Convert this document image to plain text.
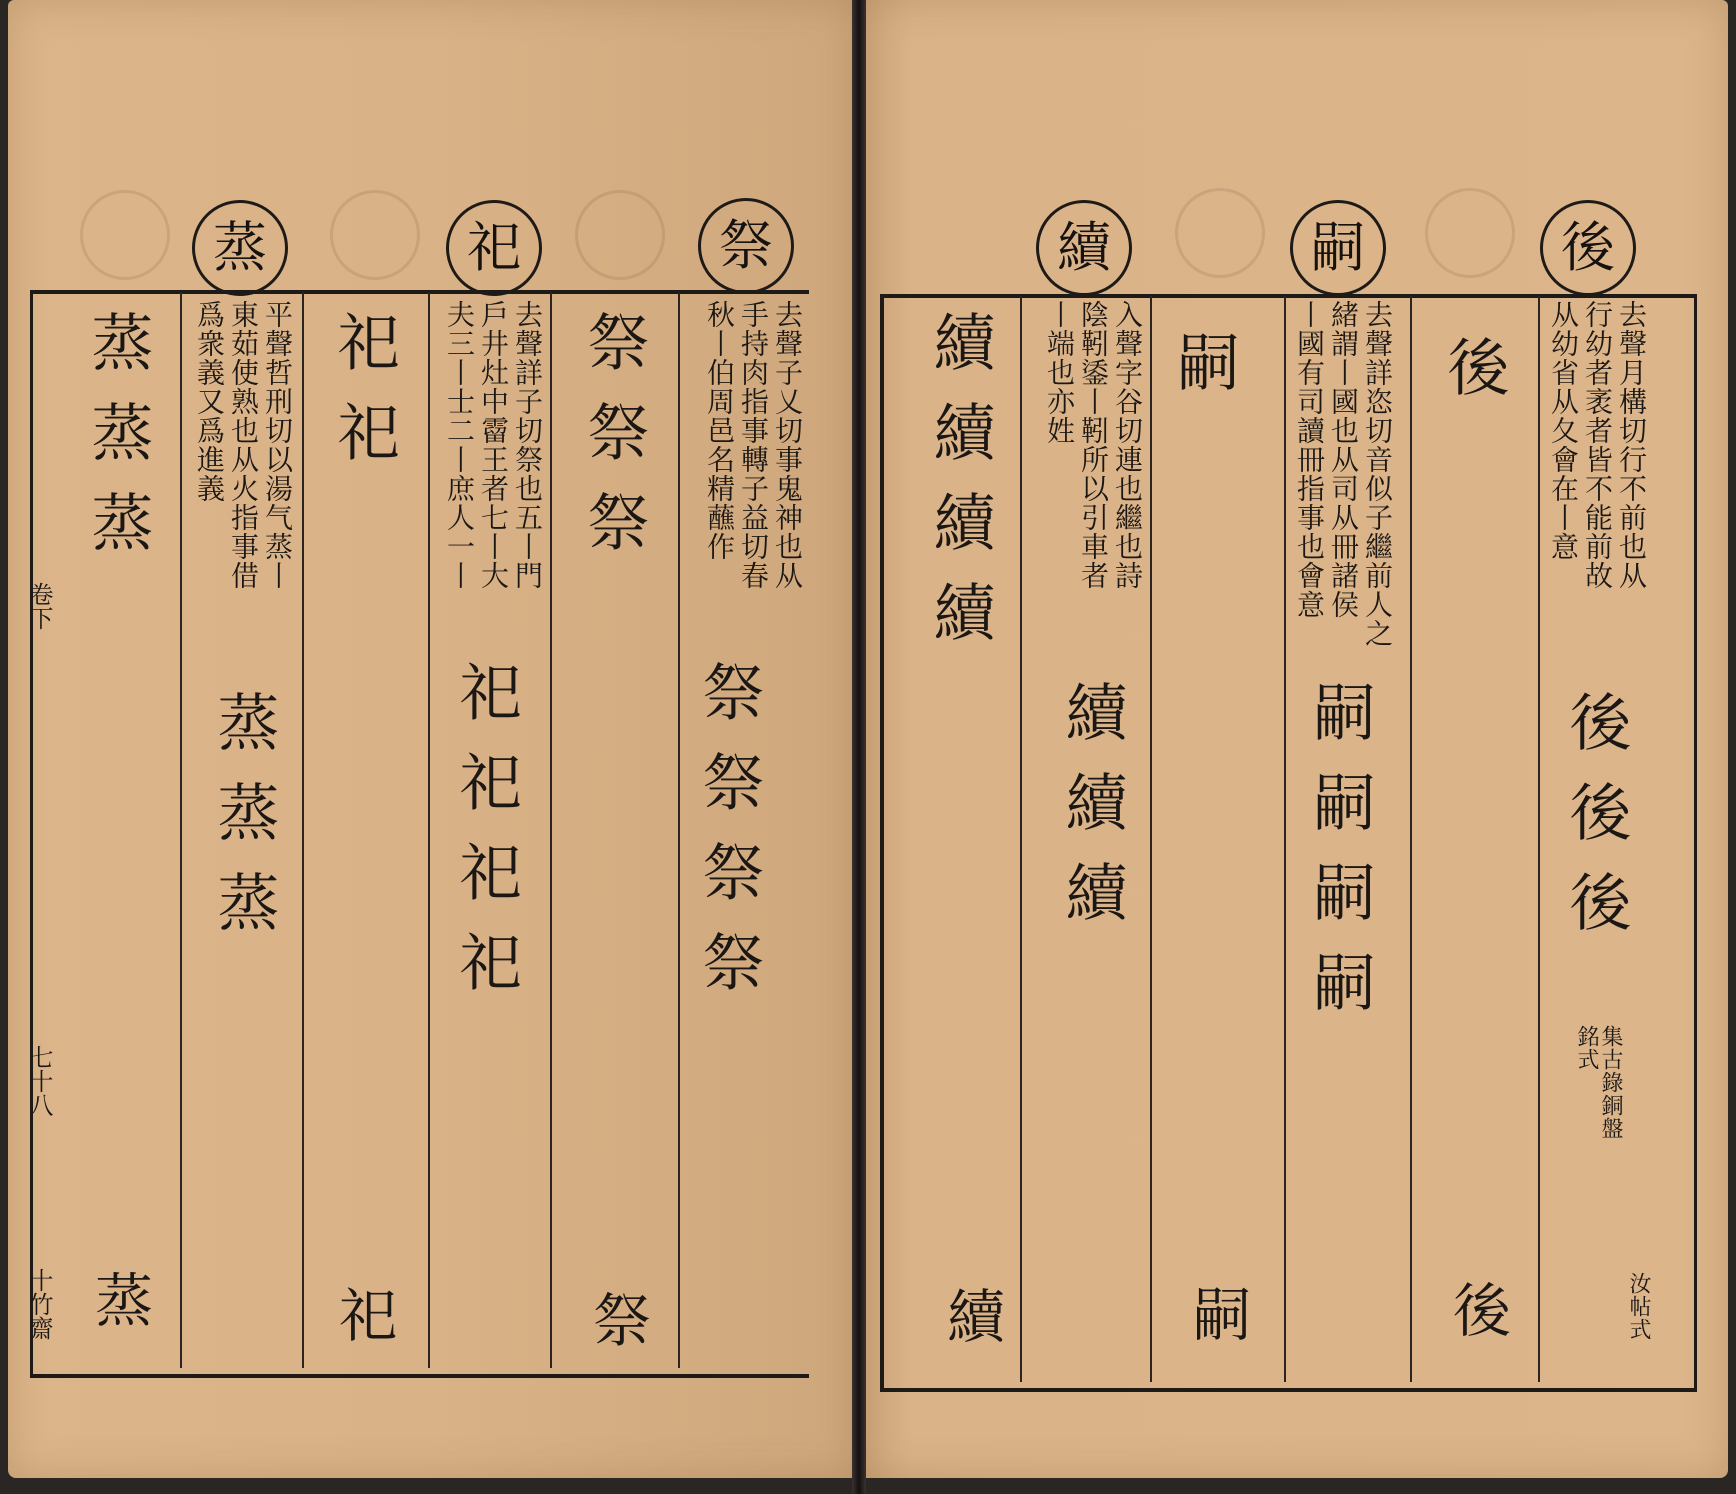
蒸	祀	祭
去聲子乂切事鬼神也从
手持肉指事轉子益切春
秋丨伯周邑名精蘸作
去聲詳子切祭也五丨門
戶井灶中霤王者七丨大
夫三丨士二丨庶人一丨
平聲哲刑切以湯气蒸丨
東茹使熟也从火指事借
爲衆義又爲進義	祭祭祭
祭祭祭祭
祀祀
祀祀祀祀
蒸蒸蒸
蒸蒸蒸
祭
祀
蒸
卷下
七十八
十竹齋
後
嗣
續
去聲月構切行不前也从
行幼者袤者皆不能前故
从幼省从夂會在丨意
去聲詳恣切音似子繼前人之
緒謂丨國也从司从冊諸侯
丨國有司讀冊指事也會意
入聲字谷切連也繼也詩
陰靷鋈丨靷所以引車者
丨端也亦姓
後後後
後
嗣嗣嗣嗣
嗣
續續續
續續續續
集古錄銅盤銘式
汝帖式
後
嗣
續
